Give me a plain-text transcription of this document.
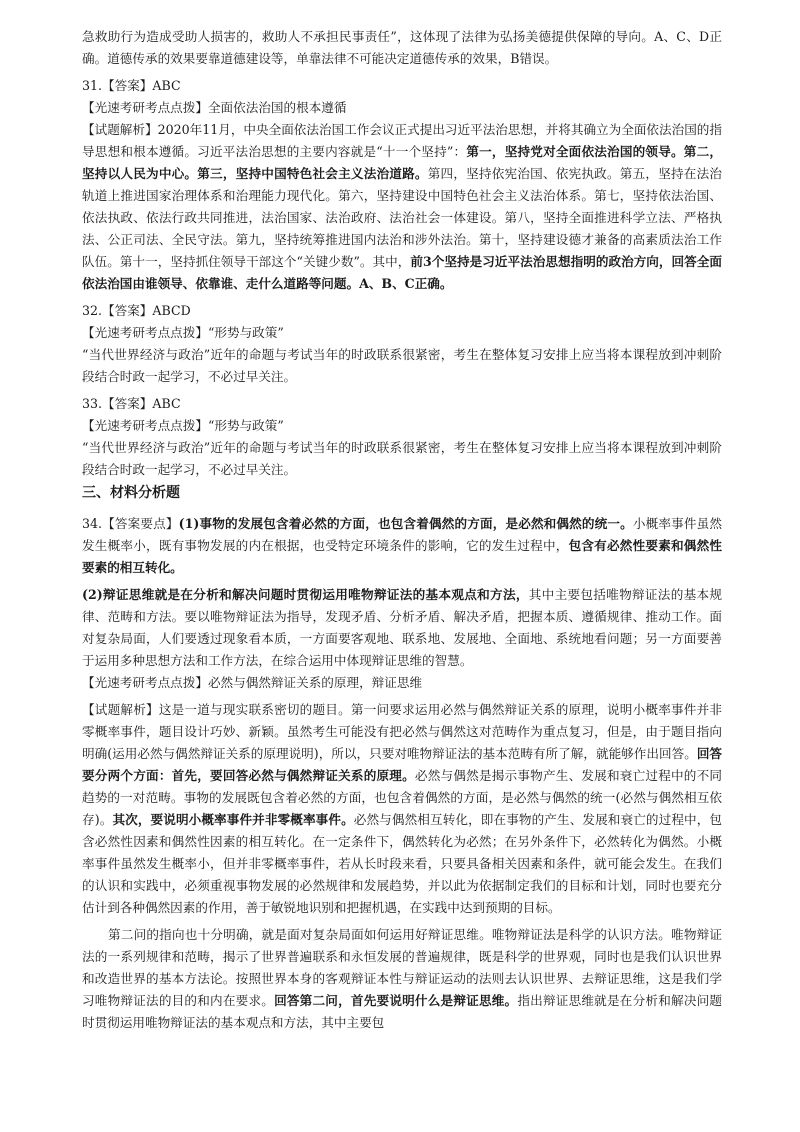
急救助行为造成受助人损害的，救助人不承担民事责任”，这体现了法律为弘扬美德提供保障的导向。A、C、D正确。道德传承的效果要靠道德建设等，单靠法律不可能决定道德传承的效果，B错误。

31.【答案】ABC

【光速考研考点点拨】全面依法治国的根本遵循

【试题解析】2020年11月，中央全面依法治国工作会议正式提出习近平法治思想，并将其确立为全面依法治国的指导思想和根本遵循。习近平法治思想的主要内容就是“十一个坚持”：第一，坚持党对全面依法治国的领导。第二，坚持以人民为中心。第三，坚持中国特色社会主义法治道路。第四，坚持依宪治国、依宪执政。第五，坚持在法治轨道上推进国家治理体系和治理能力现代化。第六，坚持建设中国特色社会主义法治体系。第七，坚持依法治国、依法执政、依法行政共同推进，法治国家、法治政府、法治社会一体建设。第八，坚持全面推进科学立法、严格执法、公正司法、全民守法。第九，坚持统筹推进国内法治和涉外法治。第十，坚持建设德才兼备的高素质法治工作队伍。第十一，坚持抓住领导干部这个“关键少数”。其中，前3个坚持是习近平法治思想指明的政治方向，回答全面依法治国由谁领导、依靠谁、走什么道路等问题。A、B、C正确。

32.【答案】ABCD

【光速考研考点点拨】“形势与政策”

“当代世界经济与政治”近年的命题与考试当年的时政联系很紧密，考生在整体复习安排上应当将本课程放到冲刺阶段结合时政一起学习，不必过早关注。

33.【答案】ABC

【光速考研考点点拨】“形势与政策”

“当代世界经济与政治”近年的命题与考试当年的时政联系很紧密，考生在整体复习安排上应当将本课程放到冲刺阶段结合时政一起学习，不必过早关注。

三、材料分析题

34.【答案要点】(1)事物的发展包含着必然的方面，也包含着偶然的方面，是必然和偶然的统一。小概率事件虽然发生概率小，既有事物发展的内在根据，也受特定环境条件的影响，它的发生过程中，包含有必然性要素和偶然性要素的相互转化。

(2)辩证思维就是在分析和解决问题时贯彻运用唯物辩证法的基本观点和方法，其中主要包括唯物辩证法的基本规律、范畴和方法。要以唯物辩证法为指导，发现矛盾、分析矛盾、解决矛盾，把握本质、遵循规律、推动工作。面对复杂局面，人们要透过现象看本质，一方面要客观地、联系地、发展地、全面地、系统地看问题；另一方面要善于运用多种思想方法和工作方法，在综合运用中体现辩证思维的智慧。

【光速考研考点点拨】必然与偶然辩证关系的原理，辩证思维

【试题解析】这是一道与现实联系密切的题目。第一问要求运用必然与偶然辩证关系的原理，说明小概率事件并非零概率事件，题目设计巧妙、新颖。虽然考生可能没有把必然与偶然这对范畴作为重点复习，但是，由于题目指向明确(运用必然与偶然辩证关系的原理说明)，所以，只要对唯物辩证法的基本范畴有所了解，就能够作出回答。回答要分两个方面：首先，要回答必然与偶然辩证关系的原理。必然与偶然是揭示事物产生、发展和衰亡过程中的不同趋势的一对范畴。事物的发展既包含着必然的方面，也包含着偶然的方面，是必然与偶然的统一(必然与偶然相互依存)。其次，要说明小概率事件并非零概率事件。必然与偶然相互转化，即在事物的产生、发展和衰亡的过程中，包含必然性因素和偶然性因素的相互转化。在一定条件下，偶然转化为必然；在另外条件下，必然转化为偶然。小概率事件虽然发生概率小，但并非零概率事件，若从长时段来看，只要具备相关因素和条件，就可能会发生。在我们的认识和实践中，必须重视事物发展的必然规律和发展趋势，并以此为依据制定我们的目标和计划，同时也要充分估计到各种偶然因素的作用，善于敏锐地识别和把握机遇，在实践中达到预期的目标。

第二问的指向也十分明确，就是面对复杂局面如何运用好辩证思维。唯物辩证法是科学的认识方法。唯物辩证法的一系列规律和范畴，揭示了世界普遍联系和永恒发展的普遍规律，既是科学的世界观，同时也是我们认识世界和改造世界的基本方法论。按照世界本身的客观辩证本性与辩证运动的法则去认识世界、去辩证思维，这是我们学习唯物辩证法的目的和内在要求。回答第二问，首先要说明什么是辩证思维。指出辩证思维就是在分析和解决问题时贯彻运用唯物辩证法的基本观点和方法，其中主要包
